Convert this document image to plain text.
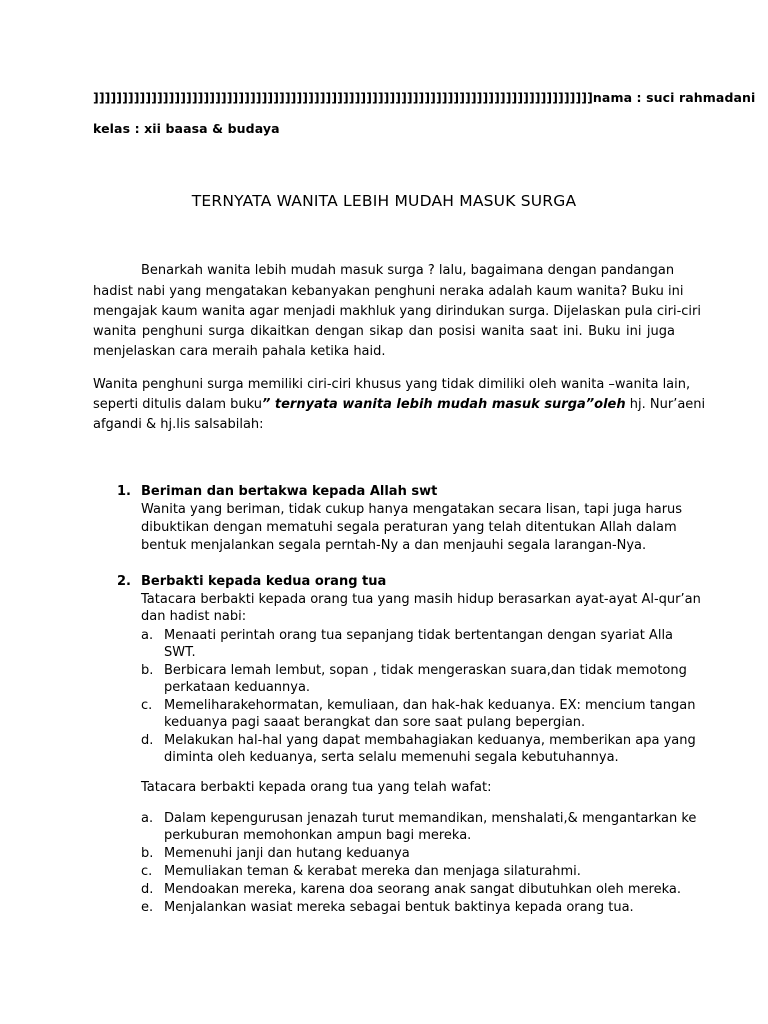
]]]]]]]]]]]]]]]]]]]]]]]]]]]]]]]]]]]]]]]]]]]]]]]]]]]]]]]]]]]]]]]]]]]]]]]]]]]]]]]]]]]]]]nama : suci rahmadani
kelas : xii baasa & budaya
TERNYATA WANITA LEBIH MUDAH MASUK SURGA
Benarkah wanita lebih mudah masuk surga ? lalu, bagaimana dengan pandangan
hadist nabi yang mengatakan kebanyakan penghuni neraka adalah kaum wanita? Buku ini
mengajak kaum wanita agar menjadi makhluk yang dirindukan surga. Dijelaskan pula ciri-ciri
wanita penghuni surga dikaitkan dengan sikap dan posisi wanita saat ini. Buku ini juga
menjelaskan cara meraih pahala ketika haid.
Wanita penghuni surga memiliki ciri-ciri khusus yang tidak dimiliki oleh wanita –wanita lain,
seperti ditulis dalam buku” ternyata wanita lebih mudah masuk surga”oleh hj. Nur’aeni
afgandi & hj.lis salsabilah:
1. Beriman dan bertakwa kepada Allah swt
Wanita yang beriman, tidak cukup hanya mengatakan secara lisan, tapi juga harus
dibuktikan dengan mematuhi segala peraturan yang telah ditentukan Allah dalam
bentuk menjalankan segala perntah-Ny a dan menjauhi segala larangan-Nya.
2. Berbakti kepada kedua orang tua
Tatacara berbakti kepada orang tua yang masih hidup berasarkan ayat-ayat Al-qur’an
dan hadist nabi:
a. Menaati perintah orang tua sepanjang tidak bertentangan dengan syariat Alla
SWT.
b. Berbicara lemah lembut, sopan , tidak mengeraskan suara,dan tidak memotong
perkataan keduannya.
c. Memeliharakehormatan, kemuliaan, dan hak-hak keduanya. EX: mencium tangan
keduanya pagi saaat berangkat dan sore saat pulang bepergian.
d. Melakukan hal-hal yang dapat membahagiakan keduanya, memberikan apa yang
diminta oleh keduanya, serta selalu memenuhi segala kebutuhannya.
Tatacara berbakti kepada orang tua yang telah wafat:
a. Dalam kepengurusan jenazah turut memandikan, menshalati,& mengantarkan ke
perkuburan memohonkan ampun bagi mereka.
b. Memenuhi janji dan hutang keduanya
c. Memuliakan teman & kerabat mereka dan menjaga silaturahmi.
d. Mendoakan mereka, karena doa seorang anak sangat dibutuhkan oleh mereka.
e. Menjalankan wasiat mereka sebagai bentuk baktinya kepada orang tua.
